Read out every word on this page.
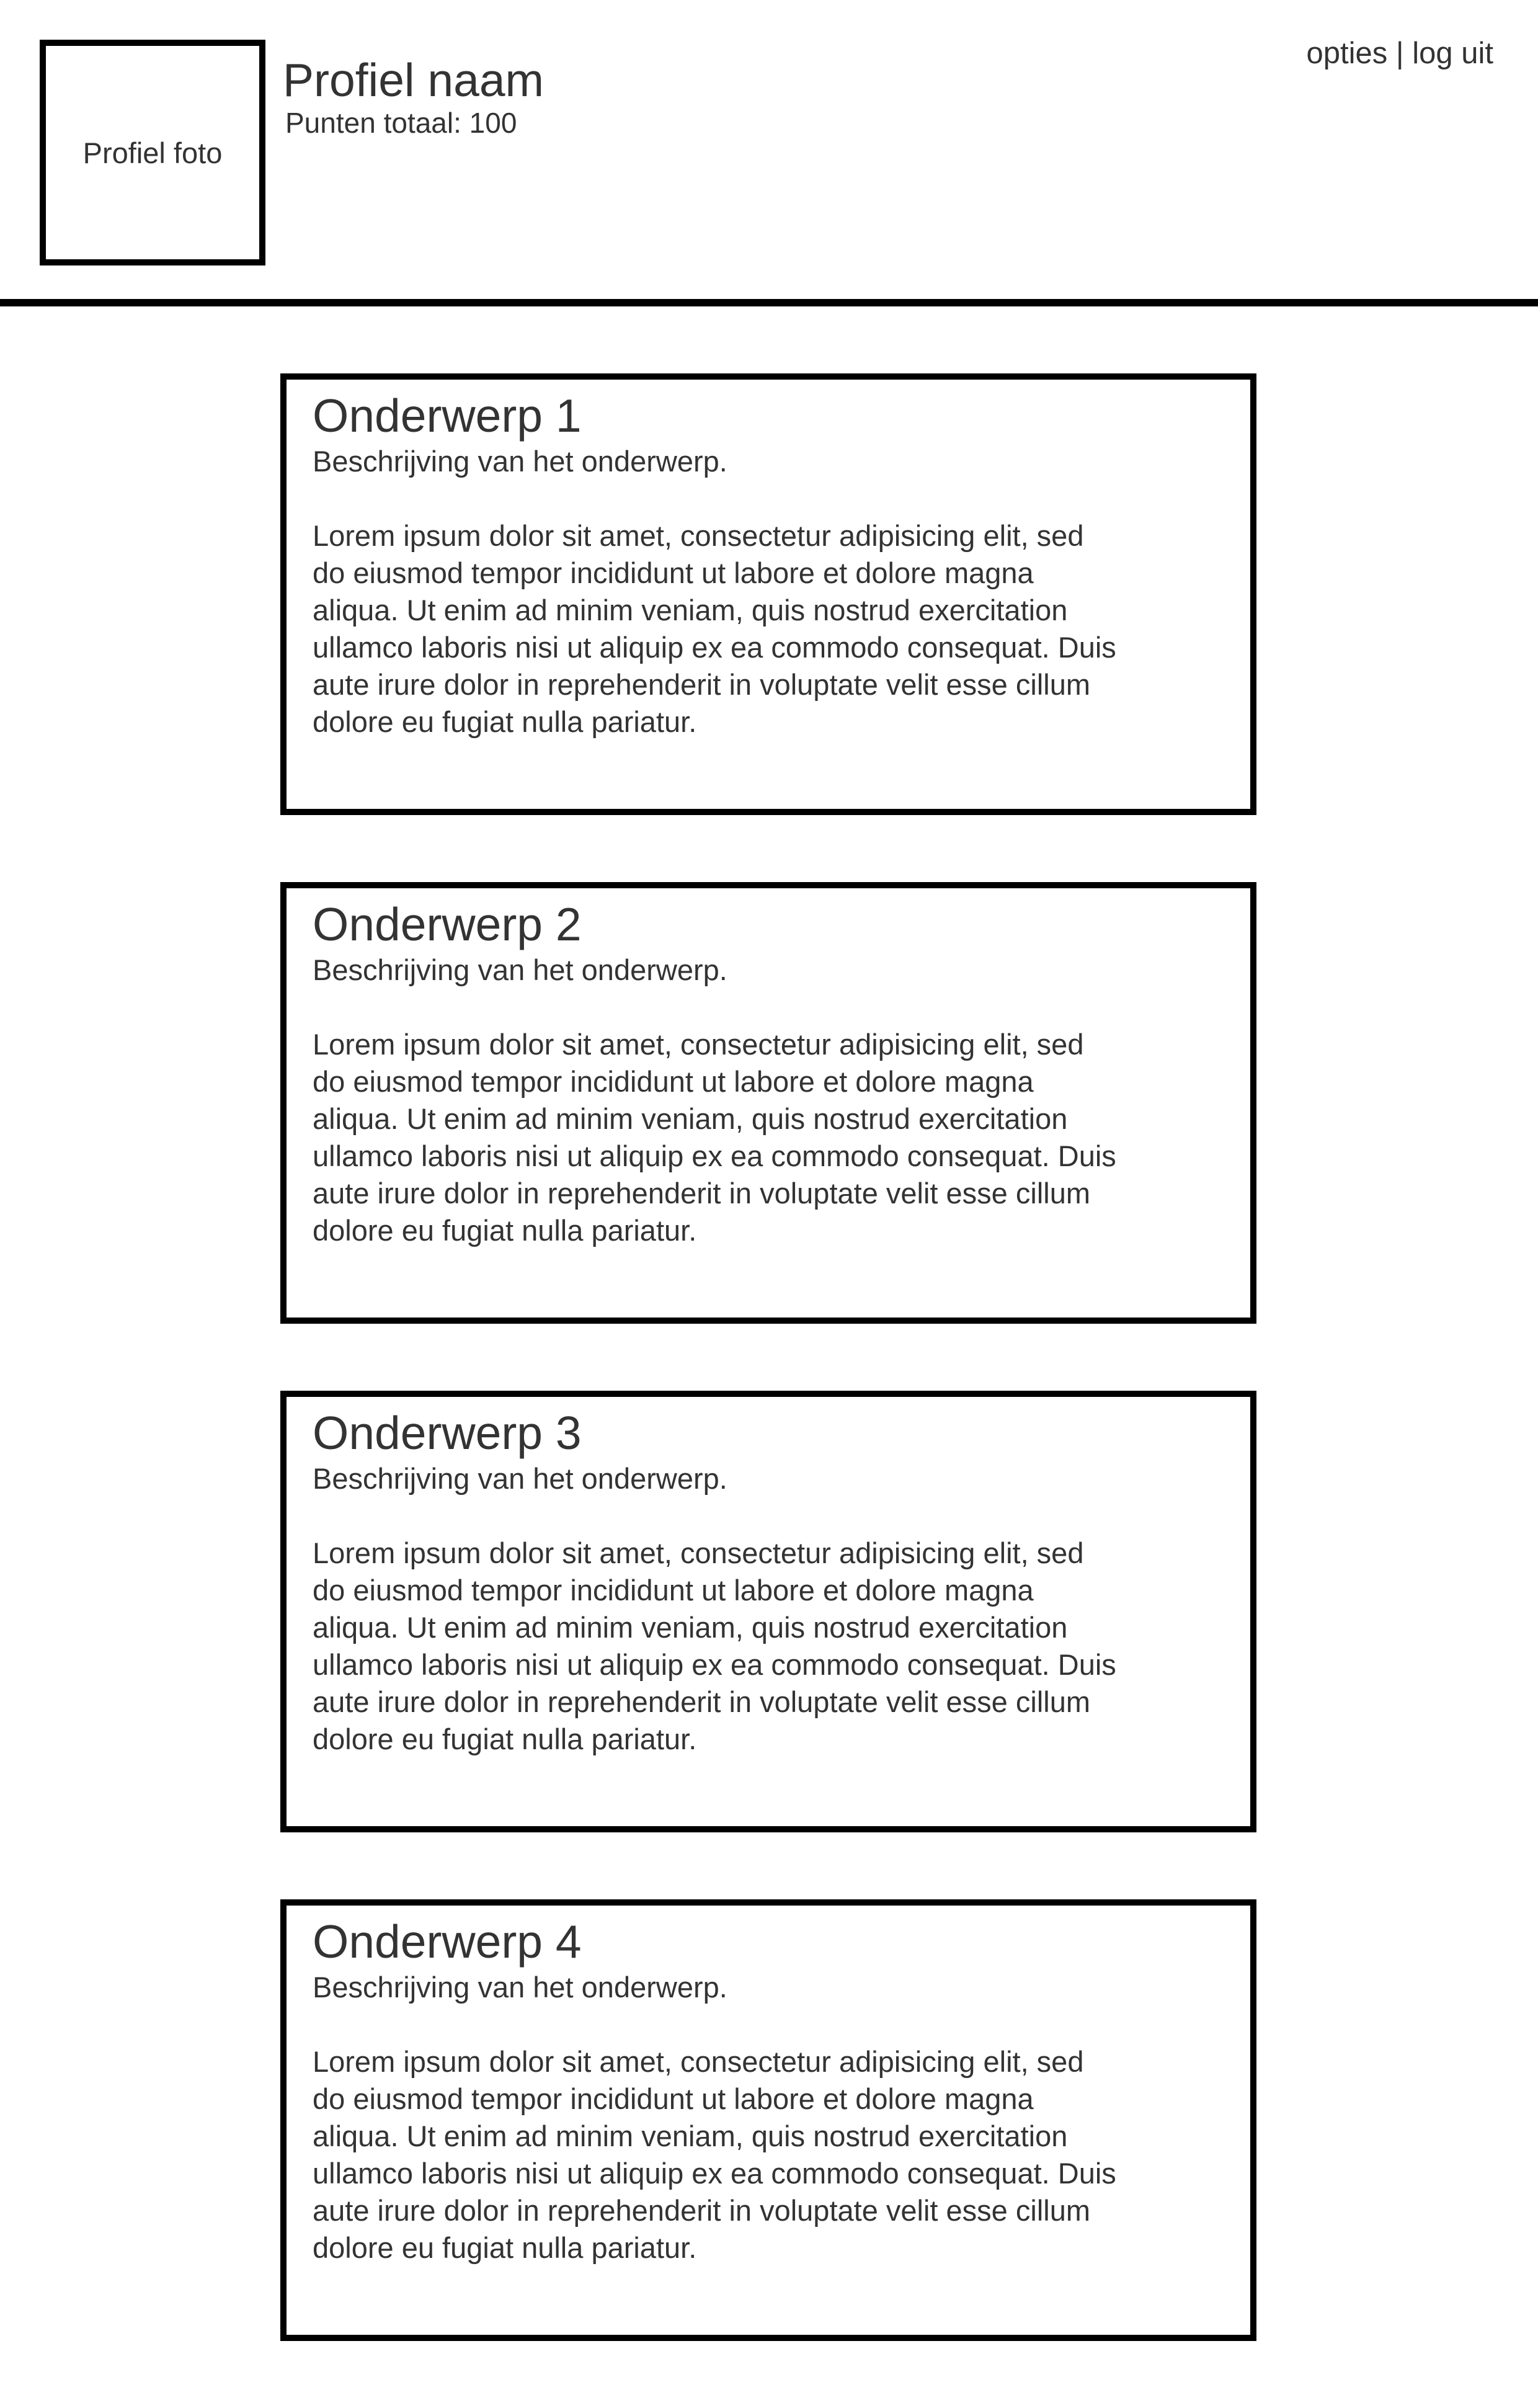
Profiel foto
Profiel naam
Punten totaal: 100
opties | log uit
Onderwerp 1

Beschrijving van het onderwerp.

Lorem ipsum dolor sit amet, consectetur adipisicing elit, sed do eiusmod tempor incididunt ut labore et dolore magna aliqua. Ut enim ad minim veniam, quis nostrud exercitation ullamco laboris nisi ut aliquip ex ea commodo consequat. Duis aute irure dolor in reprehenderit in voluptate velit esse cillum dolore eu fugiat nulla pariatur.

Onderwerp 2

Beschrijving van het onderwerp.

Lorem ipsum dolor sit amet, consectetur adipisicing elit, sed do eiusmod tempor incididunt ut labore et dolore magna aliqua. Ut enim ad minim veniam, quis nostrud exercitation ullamco laboris nisi ut aliquip ex ea commodo consequat. Duis aute irure dolor in reprehenderit in voluptate velit esse cillum dolore eu fugiat nulla pariatur.

Onderwerp 3

Beschrijving van het onderwerp.

Lorem ipsum dolor sit amet, consectetur adipisicing elit, sed do eiusmod tempor incididunt ut labore et dolore magna aliqua. Ut enim ad minim veniam, quis nostrud exercitation ullamco laboris nisi ut aliquip ex ea commodo consequat. Duis aute irure dolor in reprehenderit in voluptate velit esse cillum dolore eu fugiat nulla pariatur.

Onderwerp 4

Beschrijving van het onderwerp.

Lorem ipsum dolor sit amet, consectetur adipisicing elit, sed do eiusmod tempor incididunt ut labore et dolore magna aliqua. Ut enim ad minim veniam, quis nostrud exercitation ullamco laboris nisi ut aliquip ex ea commodo consequat. Duis aute irure dolor in reprehenderit in voluptate velit esse cillum dolore eu fugiat nulla pariatur.
